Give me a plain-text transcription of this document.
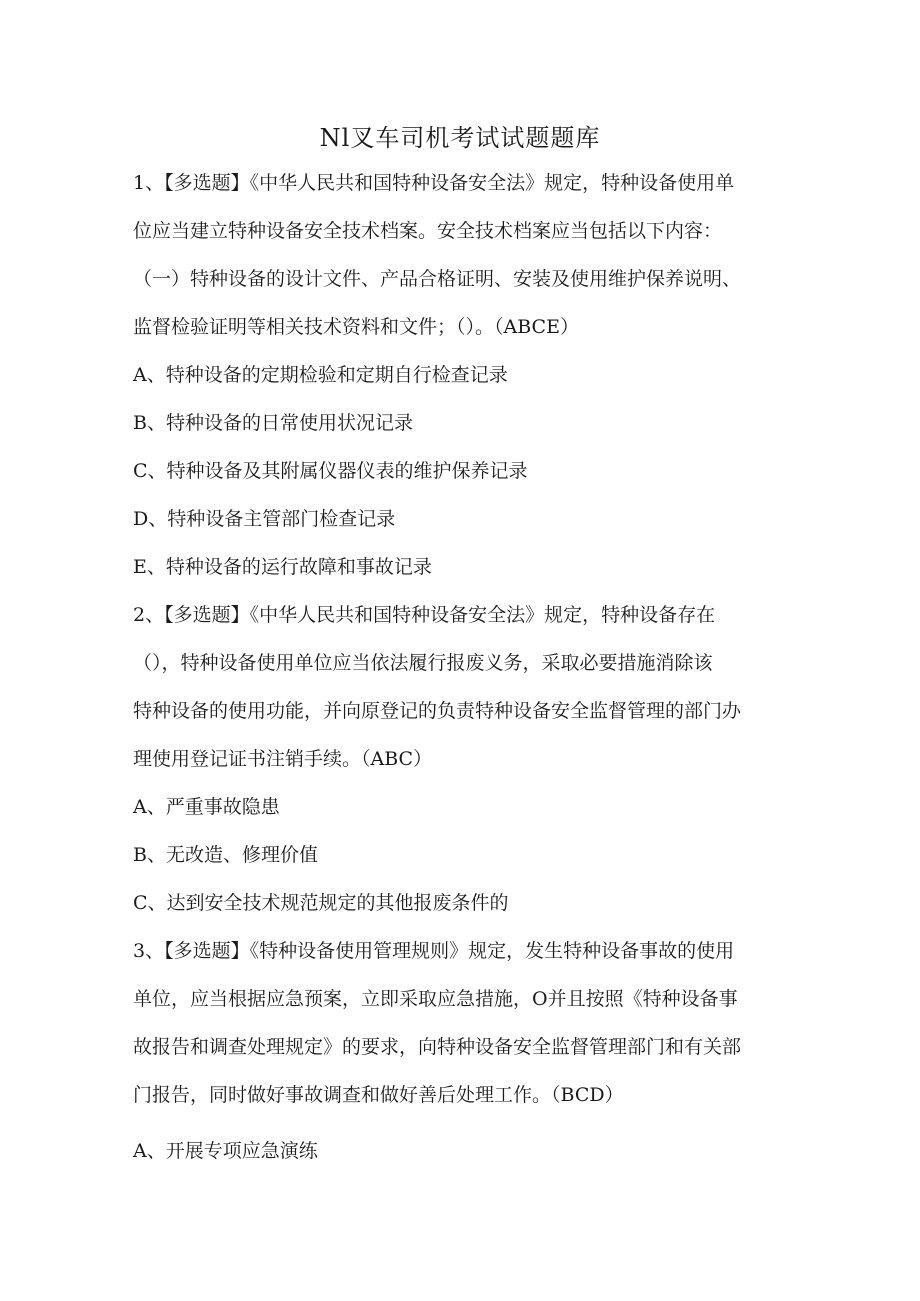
Nl叉车司机考试试题题库
1、【多选题】《中华人民共和国特种设备安全法》规定，特种设备使用单
位应当建立特种设备安全技术档案。安全技术档案应当包括以下内容：
（一）特种设备的设计文件、产品合格证明、安装及使用维护保养说明、
监督检验证明等相关技术资料和文件；（）。（ABCE）
A、特种设备的定期检验和定期自行检查记录
B、特种设备的日常使用状况记录
C、特种设备及其附属仪器仪表的维护保养记录
D、特种设备主管部门检查记录
E、特种设备的运行故障和事故记录
2、【多选题】《中华人民共和国特种设备安全法》规定，特种设备存在
（），特种设备使用单位应当依法履行报废义务，采取必要措施消除该
特种设备的使用功能，并向原登记的负责特种设备安全监督管理的部门办
理使用登记证书注销手续。（ABC）
A、严重事故隐患
B、无改造、修理价值
C、达到安全技术规范规定的其他报废条件的
3、【多选题】《特种设备使用管理规则》规定，发生特种设备事故的使用
单位，应当根据应急预案，立即采取应急措施，O并且按照《特种设备事
故报告和调查处理规定》的要求，向特种设备安全监督管理部门和有关部
门报告，同时做好事故调查和做好善后处理工作。（BCD）
A、开展专项应急演练
